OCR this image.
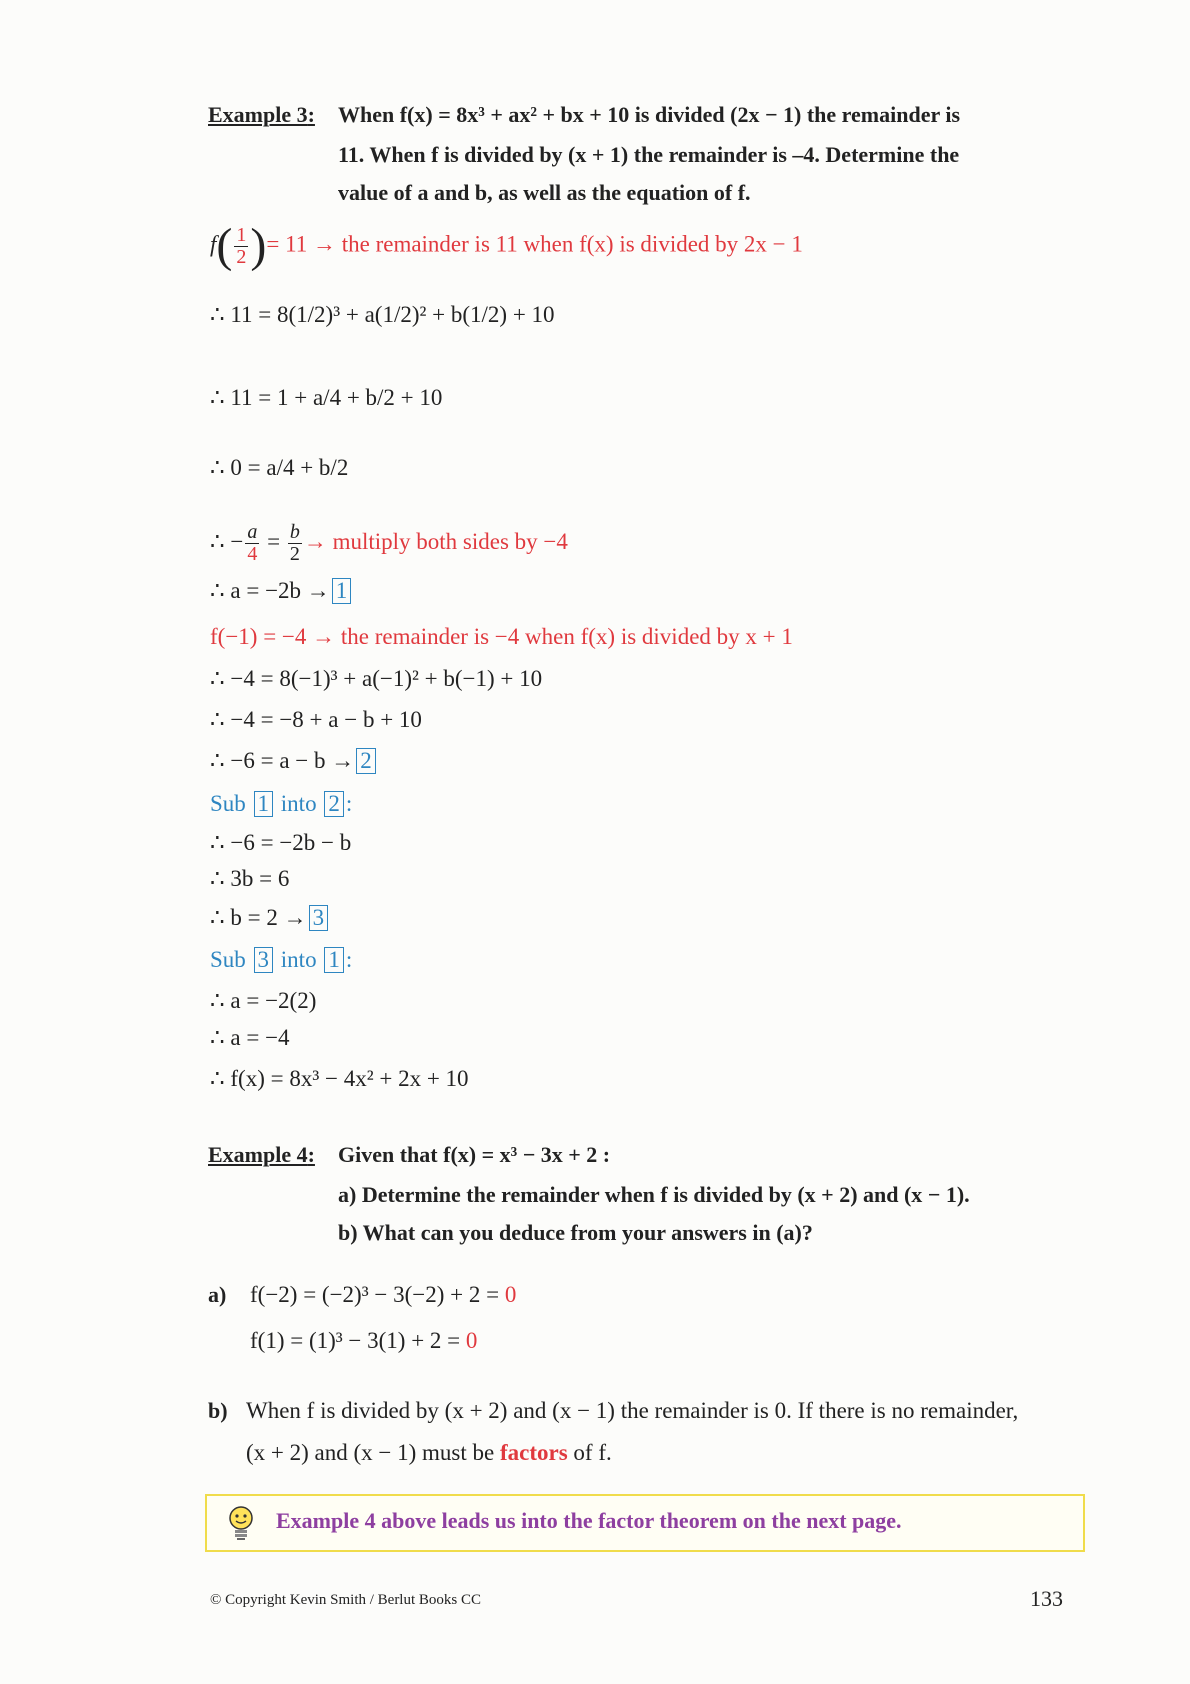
Example 3: When f(x) = 8x³ + ax² + bx + 10 is divided (2x − 1) the remainder is
11. When f is divided by (x + 1) the remainder is –4. Determine the
value of a and b, as well as the equation of f.
$f( \frac{1}{2}$ )= 11 → the remainder is 11 when f(x) is divided by 2x − 1
∴ 11 = 8(1/2)³ + a(1/2)² + b(1/2) + 10
∴ 11 = 1 + a/4 + b/2 + 10
∴ 0 = a/4 + b/2
∴ − $\frac{a}{4} = \frac{b}{2}$ → multiply both sides by −4
∴ a = −2b → 1
f(−1) = −4 → the remainder is −4 when f(x) is divided by x + 1
∴ −4 = 8(−1)³ + a(−1)² + b(−1) + 10
∴ −4 = −8 + a − b + 10
∴ −6 = a − b → 2
Sub 1 into 2 :
∴ −6 = −2b − b
∴ 3b = 6
∴ b = 2 → 3
Sub 3 into 1 :
∴ a = −2(2)
∴ a = −4
∴ f(x) = 8x³ − 4x² + 2x + 10
Example 4: Given that f(x) = x³ − 3x + 2 :
a) Determine the remainder when f is divided by (x + 2) and (x − 1).
b) What can you deduce from your answers in (a)?
a) f(−2) = (−2)³ − 3(−2) + 2 = 0
f(1) = (1)³ − 3(1) + 2 = 0
b) When f is divided by (x + 2) and (x − 1) the remainder is 0. If there is no remainder,
(x + 2) and (x − 1) must be factors of f.
Example 4 above leads us into the factor theorem on the next page.
© Copyright Kevin Smith / Berlut Books CC	133
